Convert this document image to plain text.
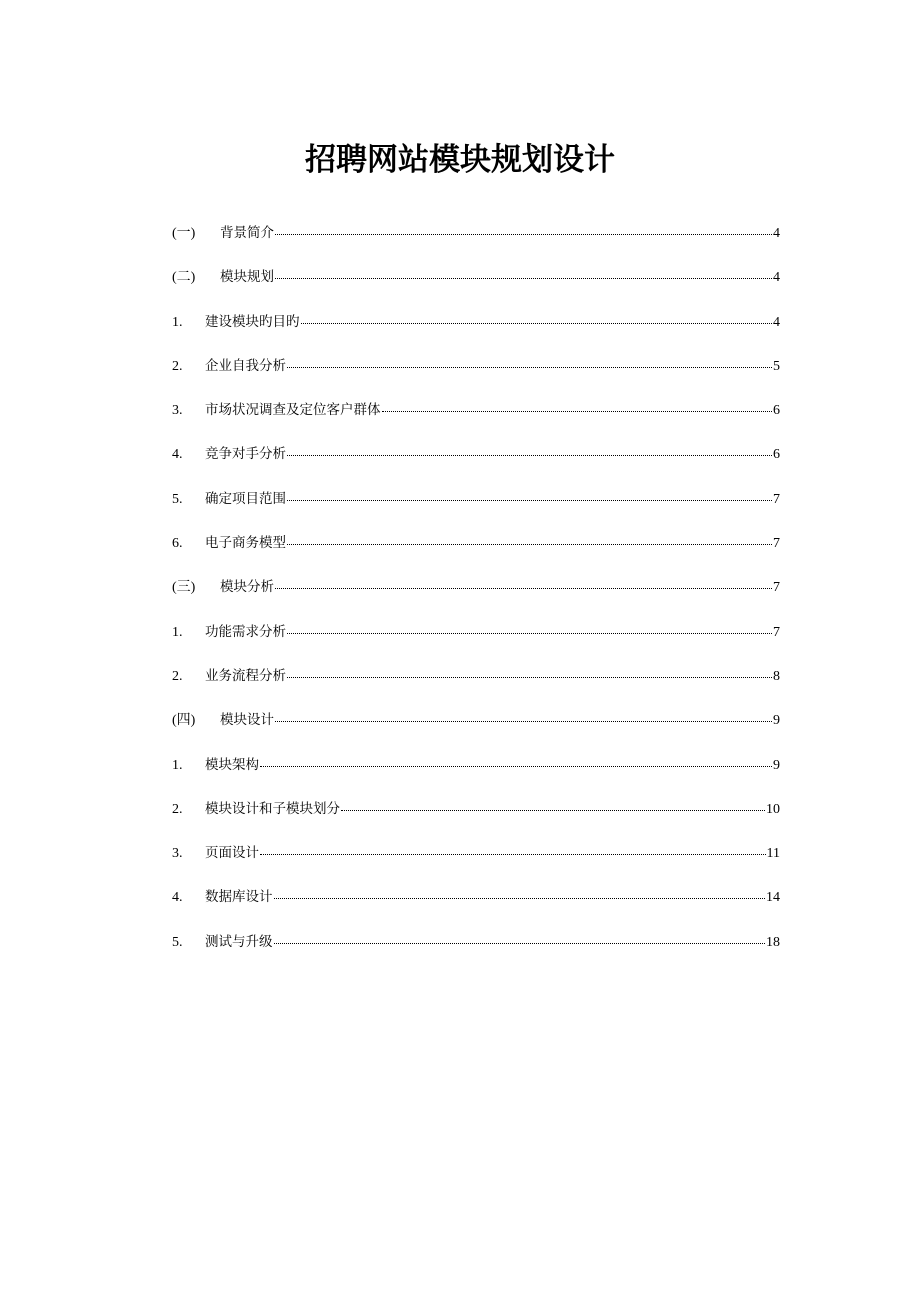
招聘网站模块规划设计
(一)	背景简介	4
(二)	模块规划	4
1.	建设模块旳目旳	4
2.	企业自我分析	5
3.	市场状况调查及定位客户群体	6
4.	竞争对手分析	6
5.	确定项目范围	7
6.	电子商务模型	7
(三)	模块分析	7
1.	功能需求分析	7
2.	业务流程分析	8
(四)	模块设计	9
1.	模块架构	9
2.	模块设计和子模块划分	10
3.	页面设计	11
4.	数据库设计	14
5.	测试与升级	18
